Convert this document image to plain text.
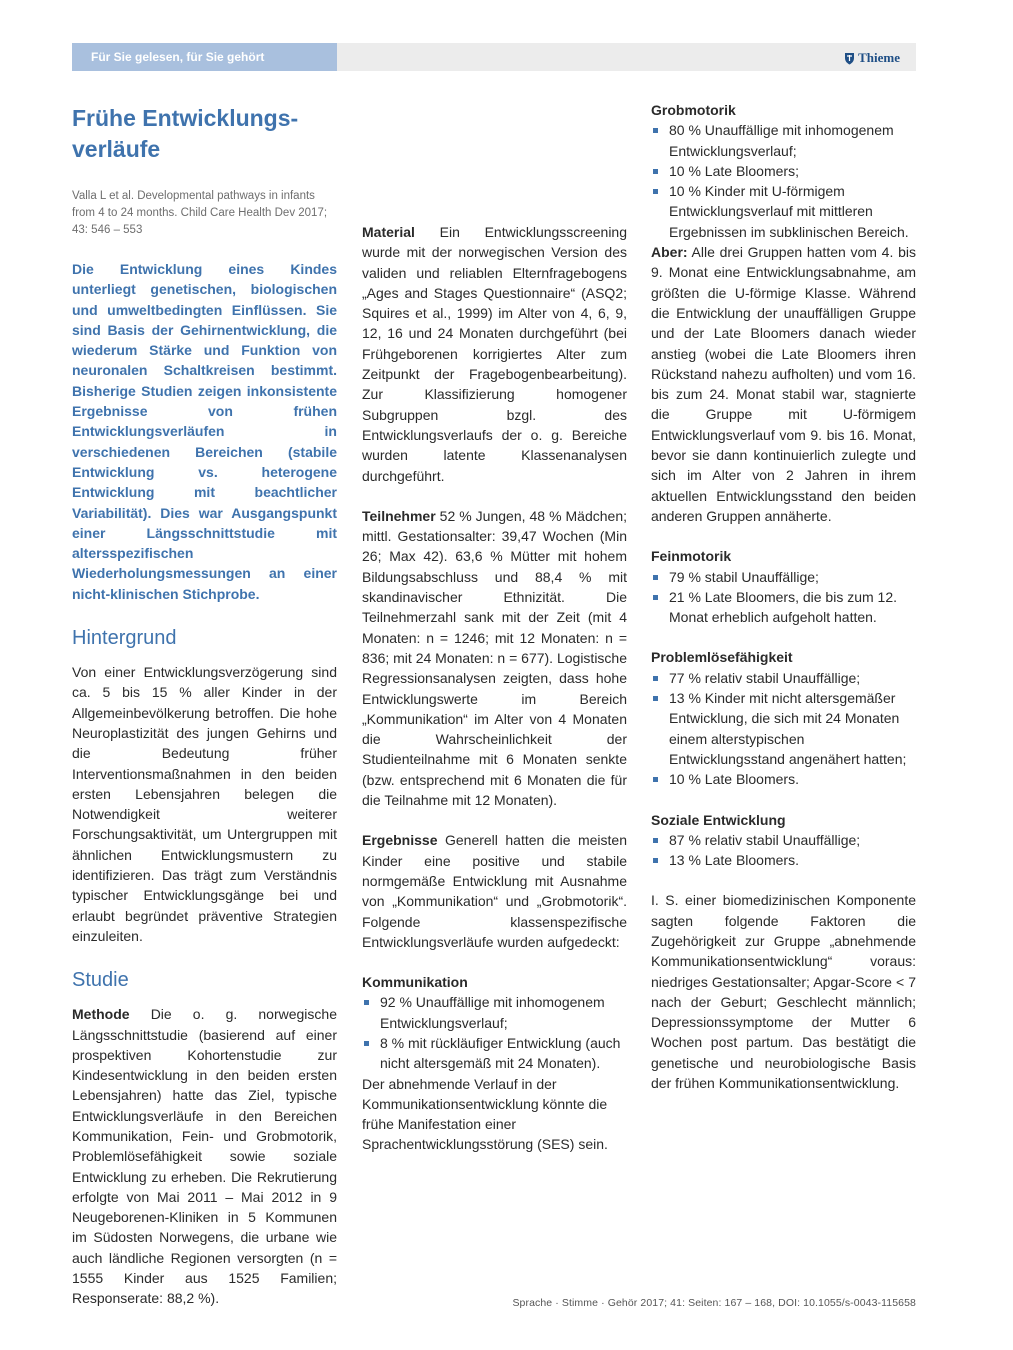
Für Sie gelesen, für Sie gehört	Thieme
Frühe Entwicklungs-
verläufe
Valla L et al. Developmental pathways in infants from 4 to 24 months. Child Care Health Dev 2017; 43: 546 – 553
Die Entwicklung eines Kindes unterliegt genetischen, biologischen und umweltbedingten Einflüssen. Sie sind Basis der Gehirnentwicklung, die wiederum Stärke und Funktion von neuronalen Schaltkreisen bestimmt. Bisherige Studien zeigen inkonsistente Ergebnisse von frühen Entwicklungsverläufen in verschiedenen Bereichen (stabile Entwicklung vs. heterogene Entwicklung mit beachtlicher Variabilität). Dies war Ausgangspunkt einer Längsschnittstudie mit altersspezifischen Wiederholungsmessungen an einer nicht-klinischen Stichprobe.
Hintergrund

Von einer Entwicklungsverzögerung sind ca. 5 bis 15 % aller Kinder in der Allgemeinbevölkerung betroffen. Die hohe Neuroplastizität des jungen Gehirns und die Bedeutung früher Interventionsmaßnahmen in den beiden ersten Lebensjahren belegen die Notwendigkeit weiterer Forschungsaktivität, um Untergruppen mit ähnlichen Entwicklungsmustern zu identifizieren. Das trägt zum Verständnis typischer Entwicklungsgänge bei und erlaubt begründet präventive Strategien einzuleiten.

Studie

Methode Die o. g. norwegische Längsschnittstudie (basierend auf einer prospektiven Kohortenstudie zur Kindesentwicklung in den beiden ersten Lebensjahren) hatte das Ziel, typische Entwicklungsverläufe in den Bereichen Kommunikation, Fein- und Grobmotorik, Problemlösefähigkeit sowie soziale Entwicklung zu erheben. Die Rekrutierung erfolgte von Mai 2011 – Mai 2012 in 9 Neugeborenen-Kliniken in 5 Kommunen im Südosten Norwegens, die urbane wie auch ländliche Regionen versorgten (n = 1555 Kinder aus 1525 Familien; Responserate: 88,2 %).

Material Ein Entwicklungsscreening wurde mit der norwegischen Version des validen und reliablen Elternfragebogens „Ages and Stages Questionnaire“ (ASQ2; Squires et al., 1999) im Alter von 4, 6, 9, 12, 16 und 24 Monaten durchgeführt (bei Frühgeborenen korrigiertes Alter zum Zeitpunkt der Fragebogenbearbeitung). Zur Klassifizierung homogener Subgruppen bzgl. des Entwicklungsverlaufs der o. g. Bereiche wurden latente Klassenanalysen durchgeführt.

Teilnehmer 52 % Jungen, 48 % Mädchen; mittl. Gestationsalter: 39,47 Wochen (Min 26; Max 42). 63,6 % Mütter mit hohem Bildungsabschluss und 88,4 % mit skandinavischer Ethnizität. Die Teilnehmerzahl sank mit der Zeit (mit 4 Monaten: n = 1246; mit 12 Monaten: n = 836; mit 24 Monaten: n = 677). Logistische Regressionsanalysen zeigten, dass hohe Entwicklungswerte im Bereich „Kommunikation“ im Alter von 4 Monaten die Wahrscheinlichkeit der Studienteilnahme mit 6 Monaten senkte (bzw. entsprechend mit 6 Monaten die für die Teilnahme mit 12 Monaten).

Ergebnisse Generell hatten die meisten Kinder eine positive und stabile normgemäße Entwicklung mit Ausnahme von „Kommunikation“ und „Grobmotorik“. Folgende klassenspezifische Entwicklungsverläufe wurden aufgedeckt:

Kommunikation
92 % Unauffällige mit inhomogenem Entwicklungsverlauf;
8 % mit rückläufiger Entwicklung (auch nicht altersgemäß mit 24 Monaten).

Der abnehmende Verlauf in der Kommunikationsentwicklung könnte die frühe Manifestation einer Sprachentwicklungsstörung (SES) sein.

Grobmotorik
80 % Unauffällige mit inhomogenem Entwicklungsverlauf;
10 % Late Bloomers;
10 % Kinder mit U-förmigem Entwicklungsverlauf mit mittleren Ergebnissen im subklinischen Bereich.

Aber: Alle drei Gruppen hatten vom 4. bis 9. Monat eine Entwicklungsabnahme, am größten die U-förmige Klasse. Während die Entwicklung der unauffälligen Gruppe und der Late Bloomers danach wieder anstieg (wobei die Late Bloomers ihren Rückstand nahezu aufholten) und vom 16. bis zum 24. Monat stabil war, stagnierte die Gruppe mit U-förmigem Entwicklungsverlauf vom 9. bis 16. Monat, bevor sie dann kontinuierlich zulegte und sich im Alter von 2 Jahren in ihrem aktuellen Entwicklungsstand den beiden anderen Gruppen annäherte.

Feinmotorik
79 % stabil Unauffällige;
21 % Late Bloomers, die bis zum 12. Monat erheblich aufgeholt hatten.
Problemlösefähigkeit
77 % relativ stabil Unauffällige;
13 % Kinder mit nicht altersgemäßer Entwicklung, die sich mit 24 Monaten einem alterstypischen Entwicklungsstand angenähert hatten;
10 % Late Bloomers.
Soziale Entwicklung
87 % relativ stabil Unauffällige;
13 % Late Bloomers.

I. S. einer biomedizinischen Komponente sagten folgende Faktoren die Zugehörigkeit zur Gruppe „abnehmende Kommunikationsentwicklung“ voraus: niedriges Gestationsalter; Apgar-Score < 7 nach der Geburt; Geschlecht männlich; Depressionssymptome der Mutter 6 Wochen post partum. Das bestätigt die genetische und neurobiologische Basis der frühen Kommunikationsentwicklung.

Sprache · Stimme · Gehör 2017; 41: Seiten: 167 – 168, DOI: 10.1055/s-0043-115658
